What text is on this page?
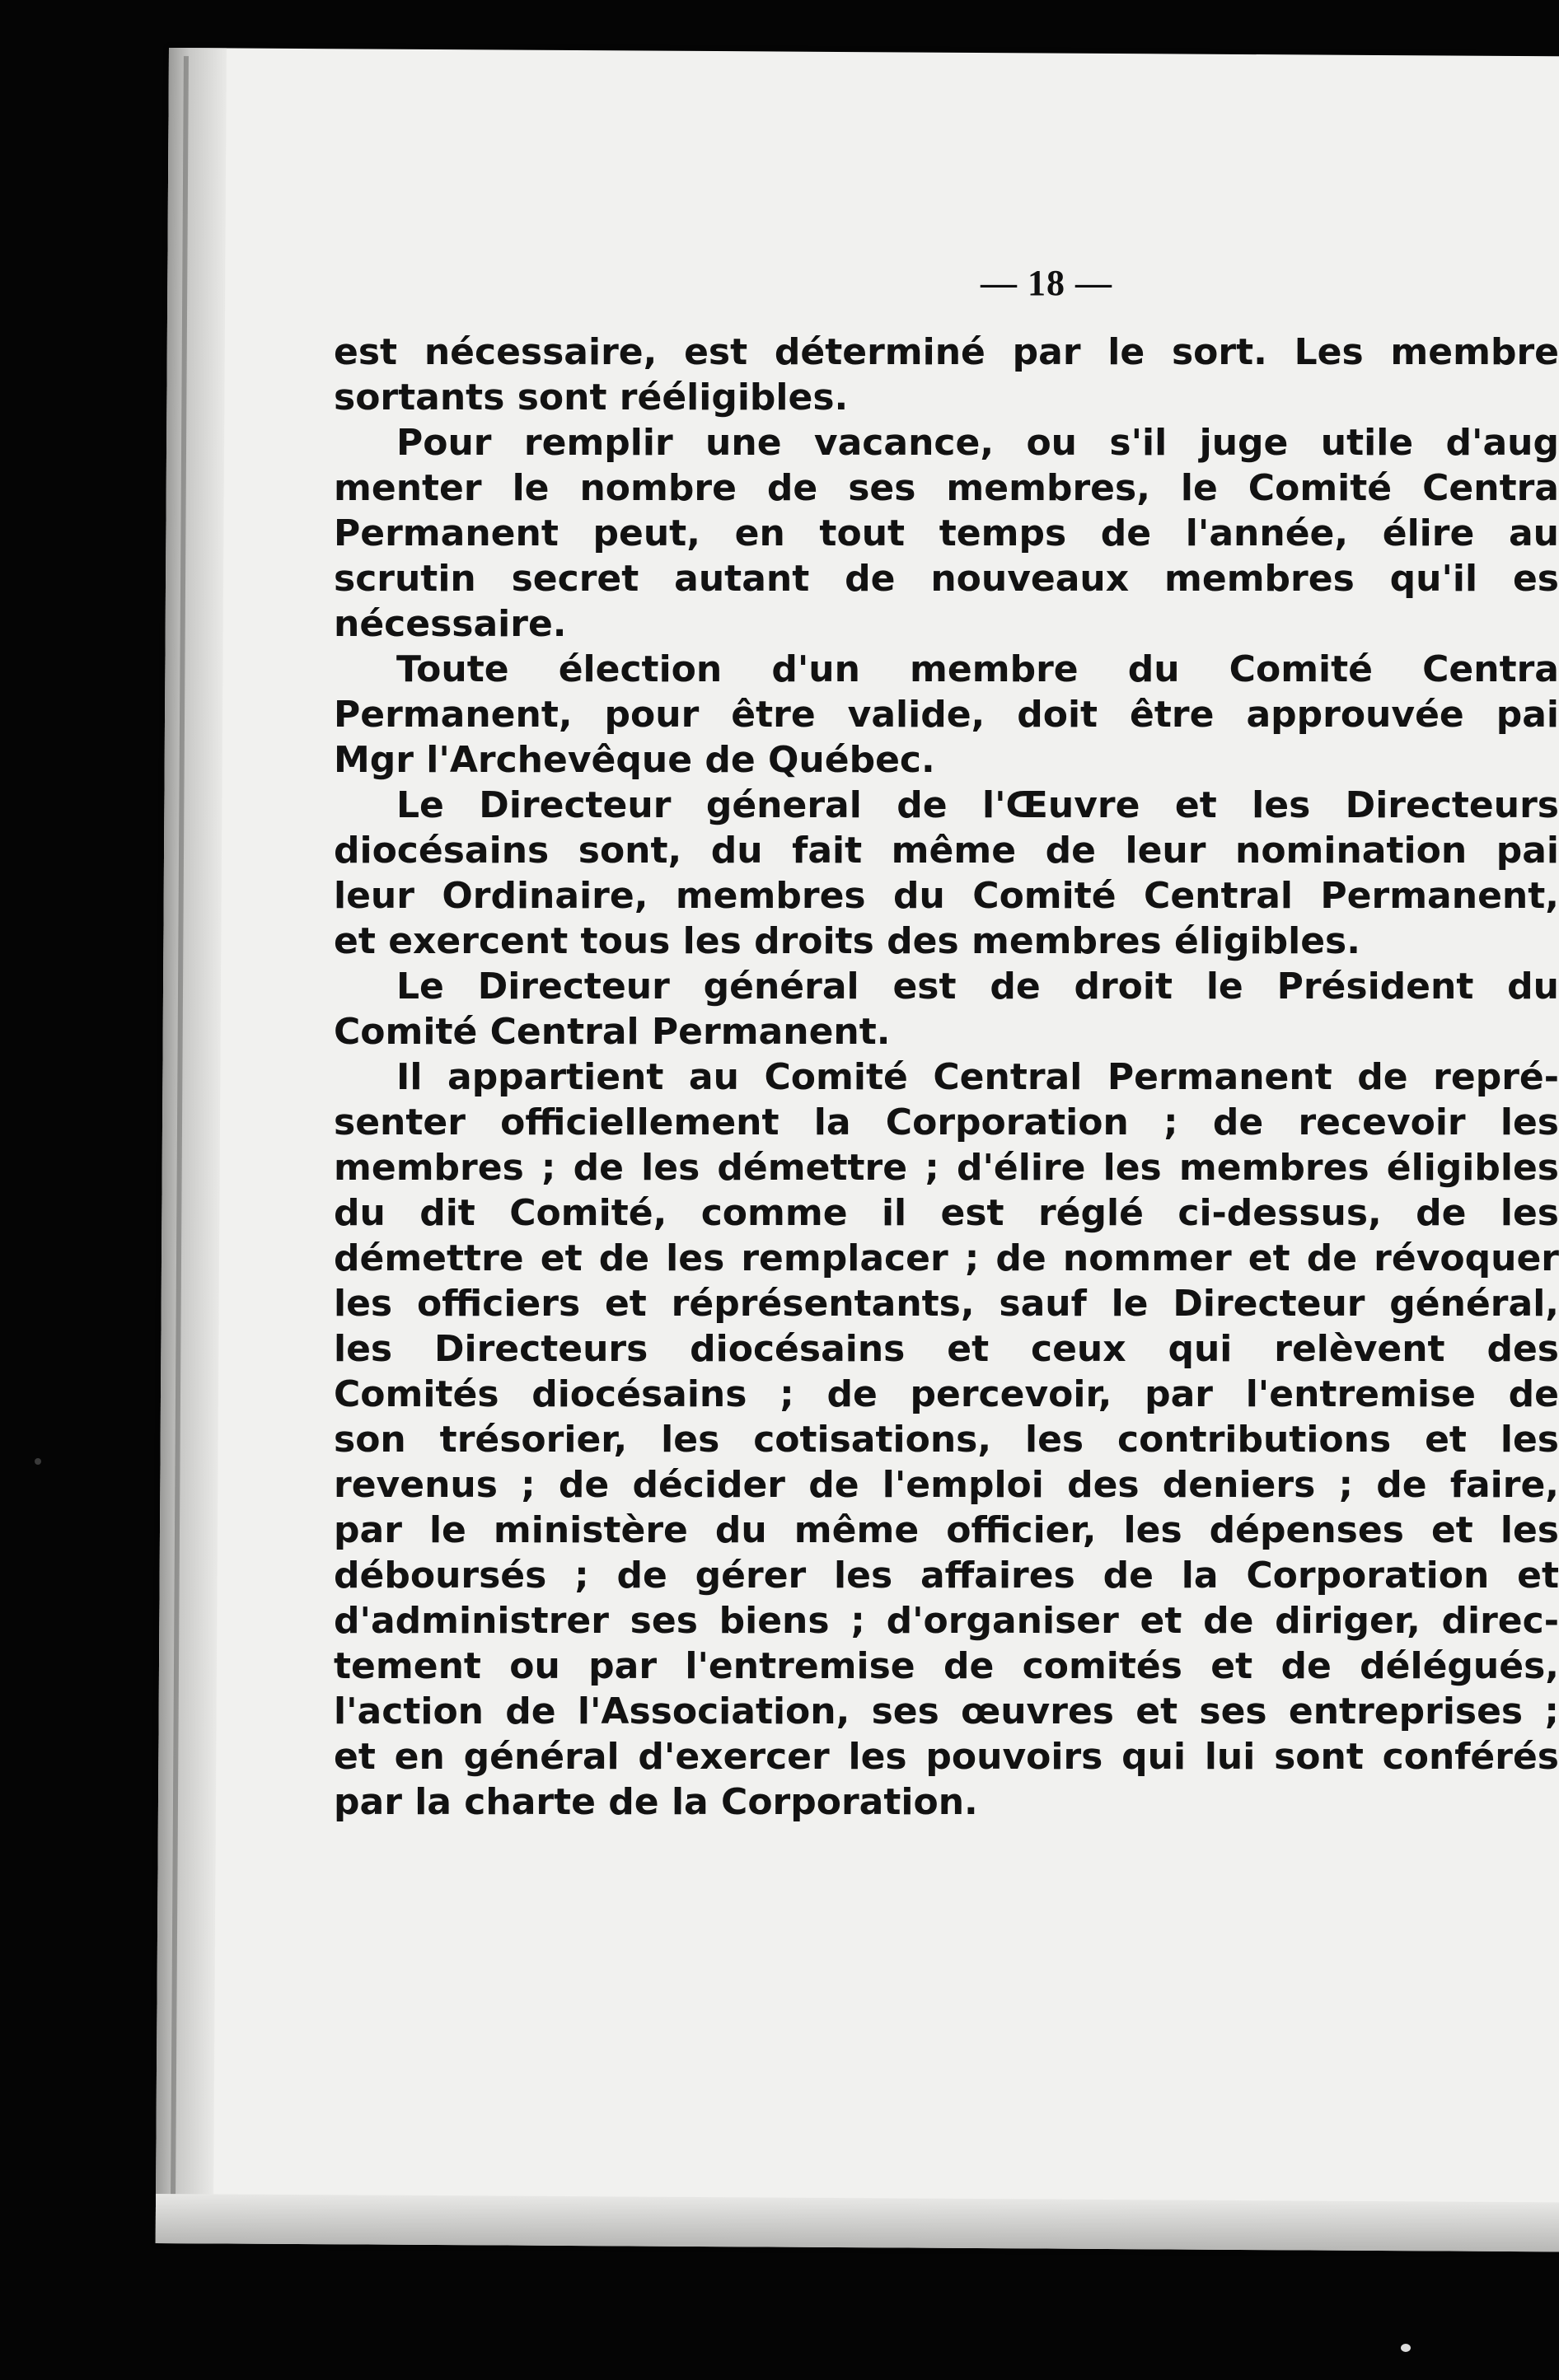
— 18 —
est nécessaire, est déterminé par le sort. Les membre
sortants sont rééligibles.
Pour remplir une vacance, ou s'il juge utile d'aug
menter le nombre de ses membres, le Comité Centra
Permanent peut, en tout temps de l'année, élire au
scrutin secret autant de nouveaux membres qu'il es
nécessaire.
Toute élection d'un membre du Comité Centra
Permanent, pour être valide, doit être approuvée pai
Mgr l'Archevêque de Québec.
Le Directeur géneral de l'Œuvre et les Directeurs
diocésains sont, du fait même de leur nomination pai
leur Ordinaire, membres du Comité Central Permanent,
et exercent tous les droits des membres éligibles.
Le Directeur général est de droit le Président du
Comité Central Permanent.
Il appartient au Comité Central Permanent de repré-
senter officiellement la Corporation ; de recevoir les
membres ; de les démettre ; d'élire les membres éligibles
du dit Comité, comme il est réglé ci-dessus, de les
démettre et de les remplacer ; de nommer et de révoquer
les officiers et réprésentants, sauf le Directeur général,
les Directeurs diocésains et ceux qui relèvent des
Comités diocésains ; de percevoir, par l'entremise de
son trésorier, les cotisations, les contributions et les
revenus ; de décider de l'emploi des deniers ; de faire,
par le ministère du même officier, les dépenses et les
déboursés ; de gérer les affaires de la Corporation et
d'administrer ses biens ; d'organiser et de diriger, direc-
tement ou par l'entremise de comités et de délégués,
l'action de l'Association, ses œuvres et ses entreprises ;
et en général d'exercer les pouvoirs qui lui sont conférés
par la charte de la Corporation.
